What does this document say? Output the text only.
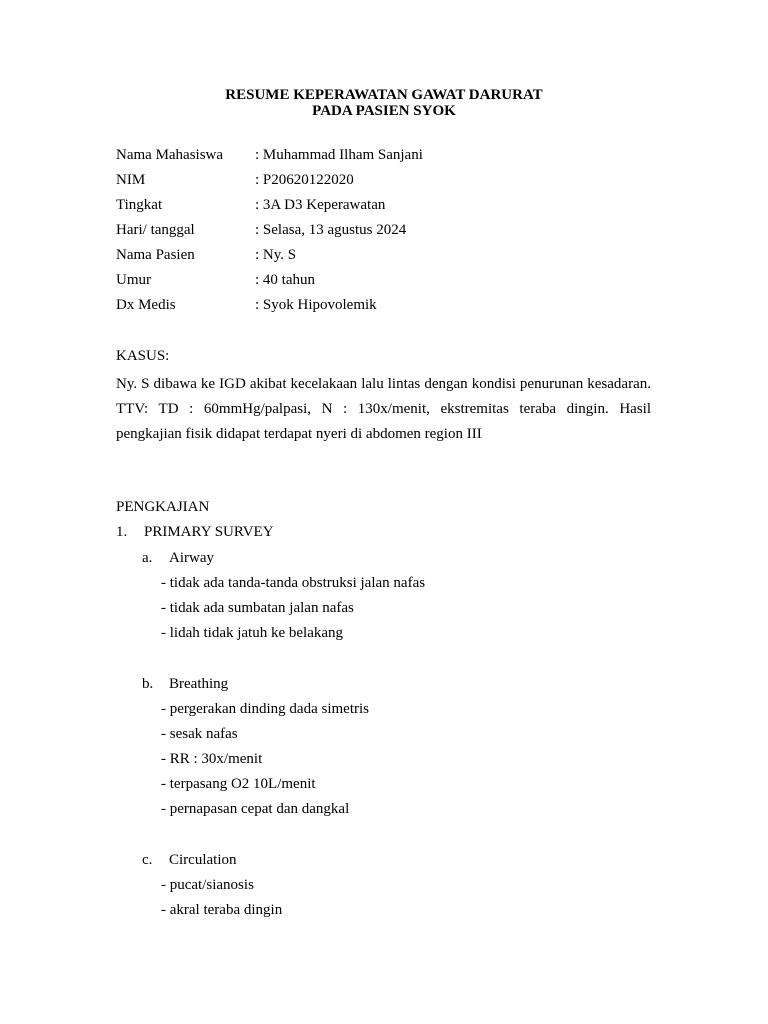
RESUME KEPERAWATAN GAWAT DARURAT
PADA PASIEN SYOK
Nama Mahasiswa : Muhammad Ilham Sanjani
NIM	: P20620122020
Tingkat	: 3A D3 Keperawatan
Hari/ tanggal	: Selasa, 13 agustus 2024
Nama Pasien	: Ny. S
Umur	: 40 tahun
Dx Medis	: Syok Hipovolemik
KASUS:
Ny. S dibawa ke IGD akibat kecelakaan lalu lintas dengan kondisi penurunan kesadaran. TTV: TD : 60mmHg/palpasi, N : 130x/menit, ekstremitas teraba dingin. Hasil pengkajian fisik didapat terdapat nyeri di abdomen region III
PENGKAJIAN
1. PRIMARY SURVEY
a. Airway
- tidak ada tanda-tanda obstruksi jalan nafas
- tidak ada sumbatan jalan nafas
- lidah tidak jatuh ke belakang
b. Breathing
- pergerakan dinding dada simetris
- sesak nafas
- RR : 30x/menit
- terpasang O2 10L/menit
- pernapasan cepat dan dangkal
c. Circulation
- pucat/sianosis
- akral teraba dingin
